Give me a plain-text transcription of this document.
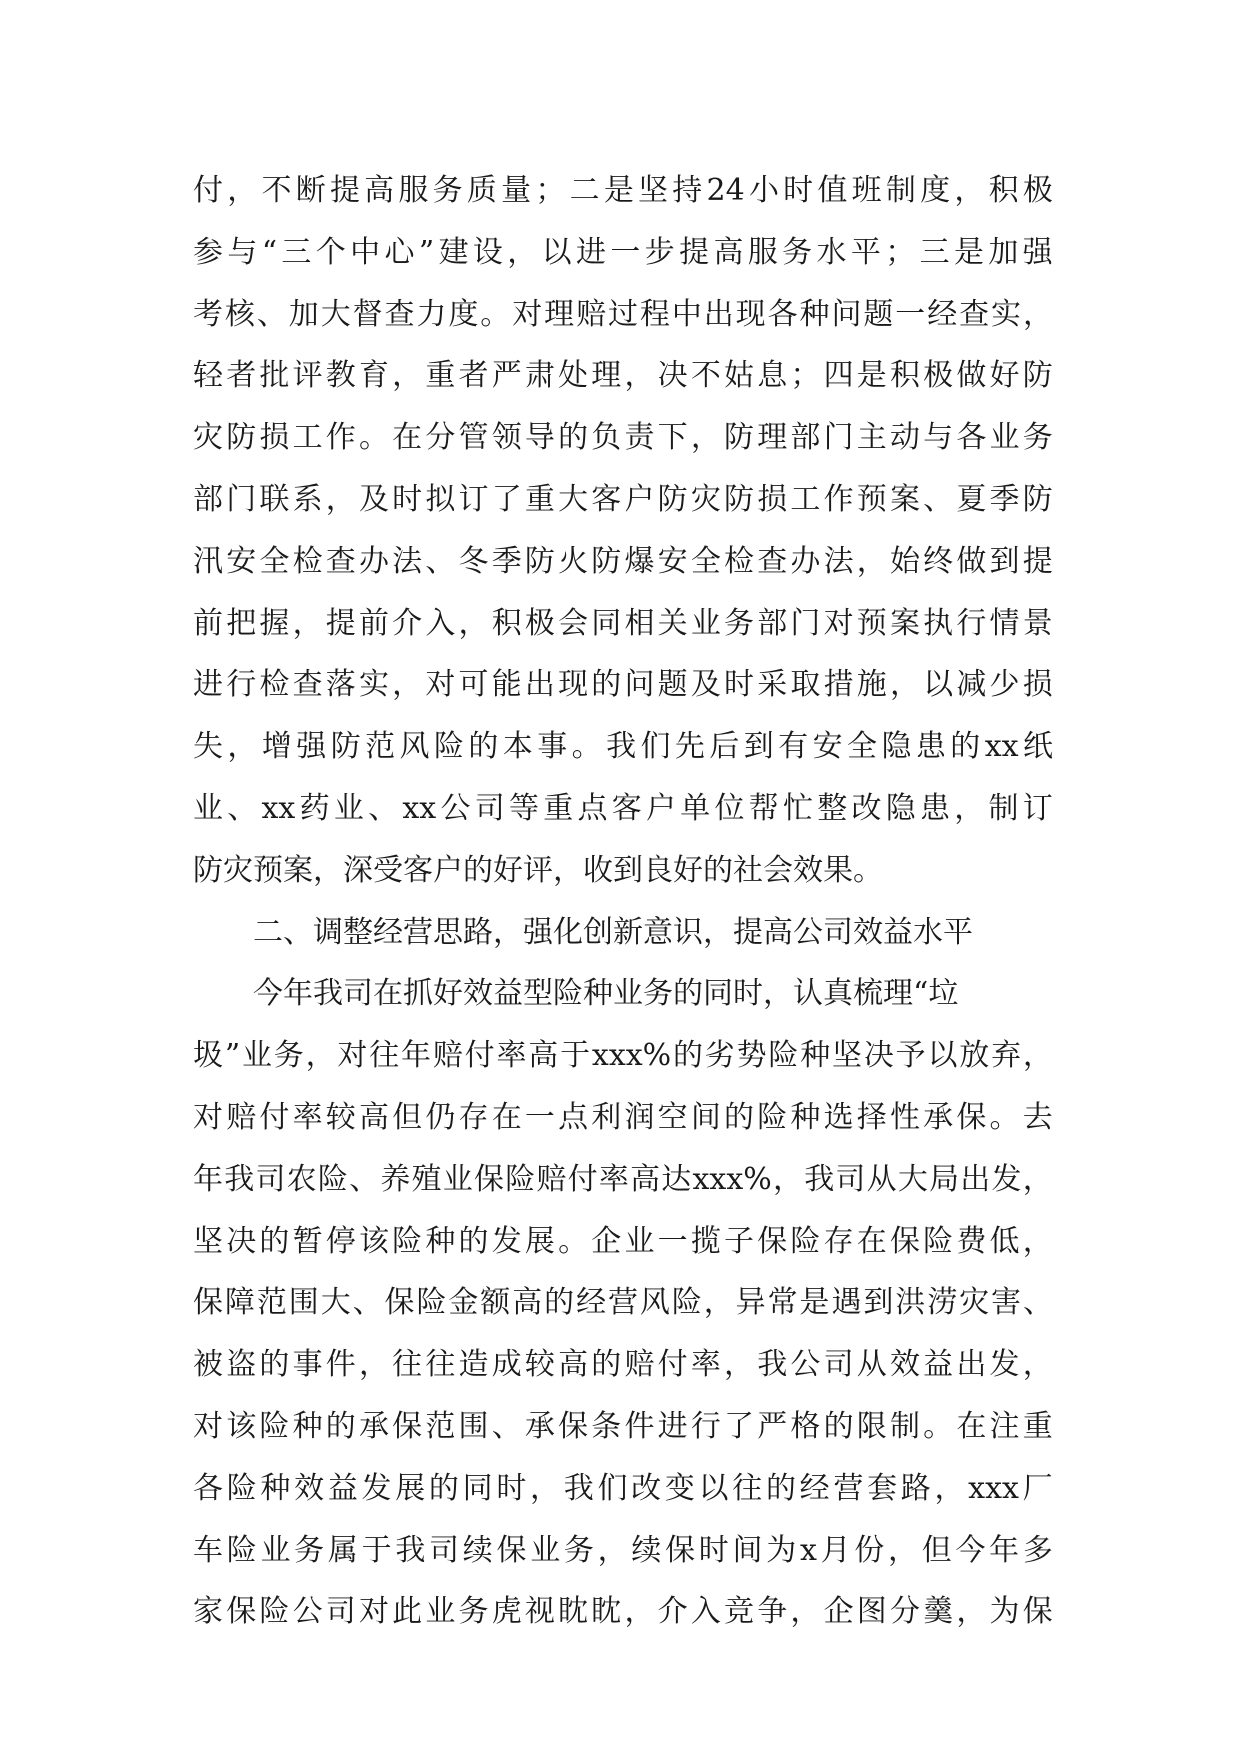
付 ， 不 断 提 高 服 务 质 量 ； 二 是 坚 持 24 小 时 值 班 制 度 ， 积 极
参 与 “ 三 个 中 心 ” 建 设 ， 以 进 一 步 提 高 服 务 水 平 ； 三 是 加 强
考 核 、 加 大 督 查 力 度 。 对 理 赔 过 程 中 出 现 各 种 问 题 一 经 查 实 ，
轻 者 批 评 教 育 ， 重 者 严 肃 处 理 ， 决 不 姑 息 ； 四 是 积 极 做 好 防
灾 防 损 工 作 。 在 分 管 领 导 的 负 责 下 ， 防 理 部 门 主 动 与 各 业 务
部 门 联 系 ， 及 时 拟 订 了 重 大 客 户 防 灾 防 损 工 作 预 案 、 夏 季 防
汛 安 全 检 查 办 法 、 冬 季 防 火 防 爆 安 全 检 查 办 法 ， 始 终 做 到 提
前 把 握 ， 提 前 介 入 ， 积 极 会 同 相 关 业 务 部 门 对 预 案 执 行 情 景
进 行 检 查 落 实 ， 对 可 能 出 现 的 问 题 及 时 采 取 措 施 ， 以 减 少 损
失 ， 增 强 防 范 风 险 的 本 事 。 我 们 先 后 到 有 安 全 隐 患 的 xx 纸
业 、 xx 药 业 、 xx 公 司 等 重 点 客 户 单 位 帮 忙 整 改 隐 患 ， 制 订
防灾预案，深受客户的好评，收到良好的社会效果。
二、调整经营思路，强化创新意识，提高公司效益水平
今年我司在抓好效益型险种业务的同时，认真梳理“垃
圾 ” 业 务 ， 对 往 年 赔 付 率 高 于 xxx% 的 劣 势 险 种 坚 决 予 以 放 弃 ，
对 赔 付 率 较 高 但 仍 存 在 一 点 利 润 空 间 的 险 种 选 择 性 承 保 。 去
年 我 司 农 险 、 养 殖 业 保 险 赔 付 率 高 达 xxx% ， 我 司 从 大 局 出 发 ，
坚 决 的 暂 停 该 险 种 的 发 展 。 企 业 一 揽 子 保 险 存 在 保 险 费 低 ，
保 障 范 围 大 、 保 险 金 额 高 的 经 营 风 险 ， 异 常 是 遇 到 洪 涝 灾 害 、
被 盗 的 事 件 ， 往 往 造 成 较 高 的 赔 付 率 ， 我 公 司 从 效 益 出 发 ，
对 该 险 种 的 承 保 范 围 、 承 保 条 件 进 行 了 严 格 的 限 制 。 在 注 重
各 险 种 效 益 发 展 的 同 时 ， 我 们 改 变 以 往 的 经 营 套 路 ， xxx 厂
车 险 业 务 属 于 我 司 续 保 业 务 ， 续 保 时 间 为 x 月 份 ， 但 今 年 多
家 保 险 公 司 对 此 业 务 虎 视 眈 眈 ， 介 入 竞 争 ， 企 图 分 羹 ， 为 保
